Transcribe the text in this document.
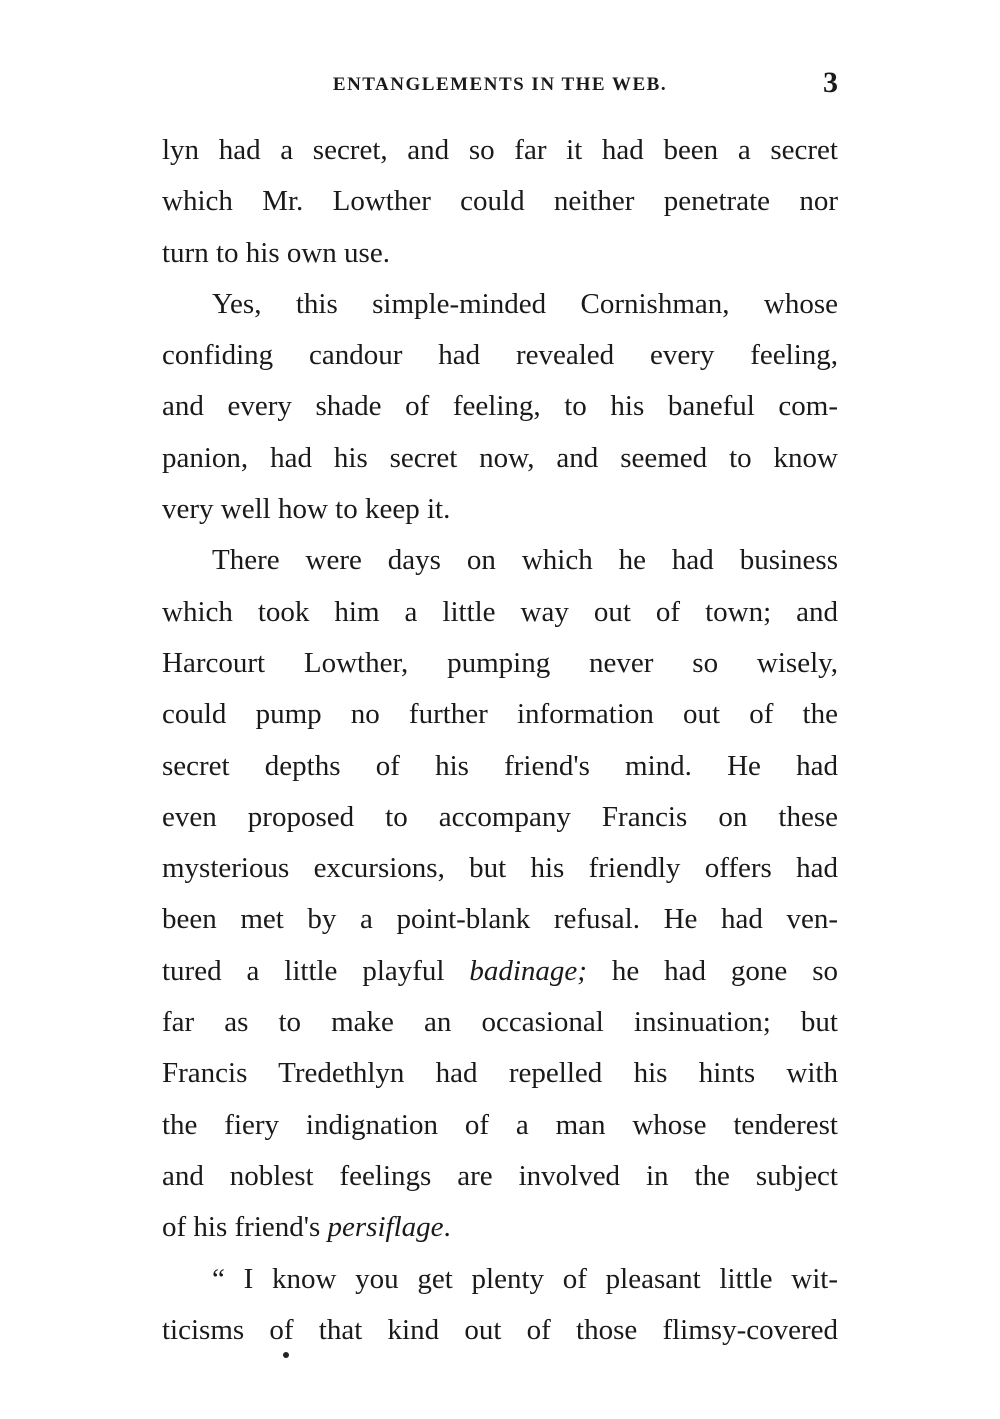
ENTANGLEMENTS IN THE WEB.	3
lyn had a secret, and so far it had been a secret
which Mr. Lowther could neither penetrate nor
turn to his own use.
Yes, this simple-minded Cornishman, whose
confiding candour had revealed every feeling,
and every shade of feeling, to his baneful com-
panion, had his secret now, and seemed to know
very well how to keep it.
There were days on which he had business
which took him a little way out of town; and
Harcourt Lowther, pumping never so wisely,
could pump no further information out of the
secret depths of his friend's mind. He had
even proposed to accompany Francis on these
mysterious excursions, but his friendly offers had
been met by a point-blank refusal. He had ven-
tured a little playful badinage; he had gone so
far as to make an occasional insinuation; but
Francis Tredethlyn had repelled his hints with
the fiery indignation of a man whose tenderest
and noblest feelings are involved in the subject
of his friend's persiflage.
“ I know you get plenty of pleasant little wit-
ticisms of that kind out of those flimsy-covered
